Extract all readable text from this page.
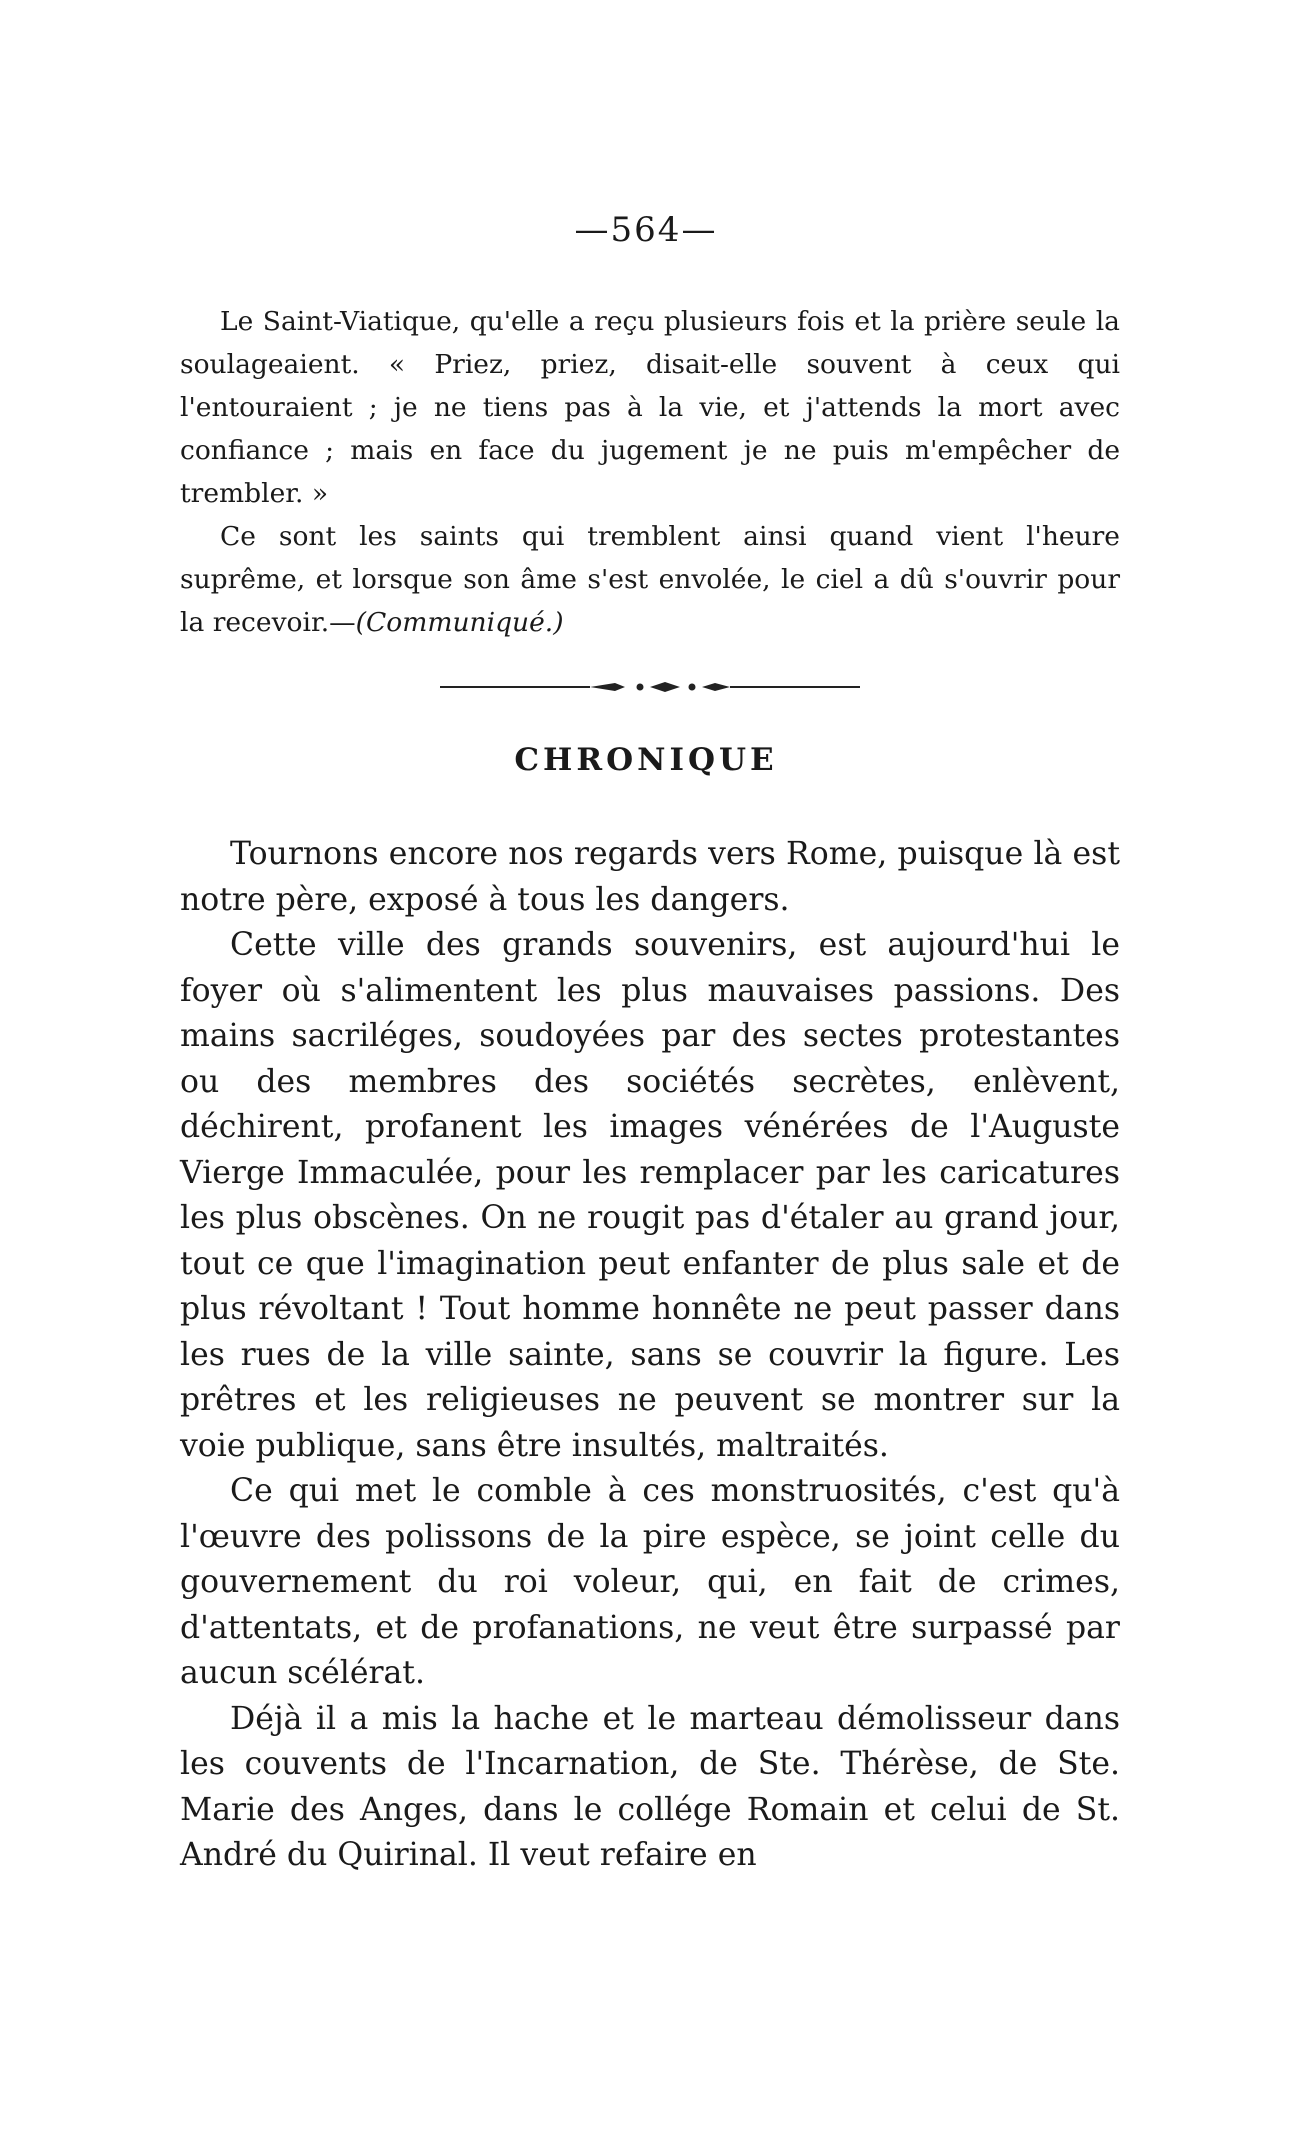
—564—

Le Saint-Viatique, qu'elle a reçu plusieurs fois et la prière seule la soulageaient. « Priez, priez, disait-elle souvent à ceux qui l'entouraient ; je ne tiens pas à la vie, et j'attends la mort avec confiance ; mais en face du jugement je ne puis m'empêcher de trembler. »

Ce sont les saints qui tremblent ainsi quand vient l'heure suprême, et lorsque son âme s'est envolée, le ciel a dû s'ouvrir pour la recevoir.—(Communiqué.)

CHRONIQUE

Tournons encore nos regards vers Rome, puisque là est notre père, exposé à tous les dangers.

Cette ville des grands souvenirs, est aujourd'hui le foyer où s'alimentent les plus mauvaises passions. Des mains sacriléges, soudoyées par des sectes protestantes ou des membres des sociétés secrètes, enlèvent, déchirent, profanent les images vénérées de l'Auguste Vierge Immaculée, pour les remplacer par les caricatures les plus obscènes. On ne rougit pas d'étaler au grand jour, tout ce que l'imagination peut enfanter de plus sale et de plus révoltant ! Tout homme honnête ne peut passer dans les rues de la ville sainte, sans se couvrir la figure. Les prêtres et les religieuses ne peuvent se montrer sur la voie publique, sans être insultés, maltraités.

Ce qui met le comble à ces monstruosités, c'est qu'à l'œuvre des polissons de la pire espèce, se joint celle du gouvernement du roi voleur, qui, en fait de crimes, d'attentats, et de profanations, ne veut être surpassé par aucun scélérat.

Déjà il a mis la hache et le marteau démolisseur dans les couvents de l'Incarnation, de Ste. Thérèse, de Ste. Marie des Anges, dans le collége Romain et celui de St. André du Quirinal. Il veut refaire en
